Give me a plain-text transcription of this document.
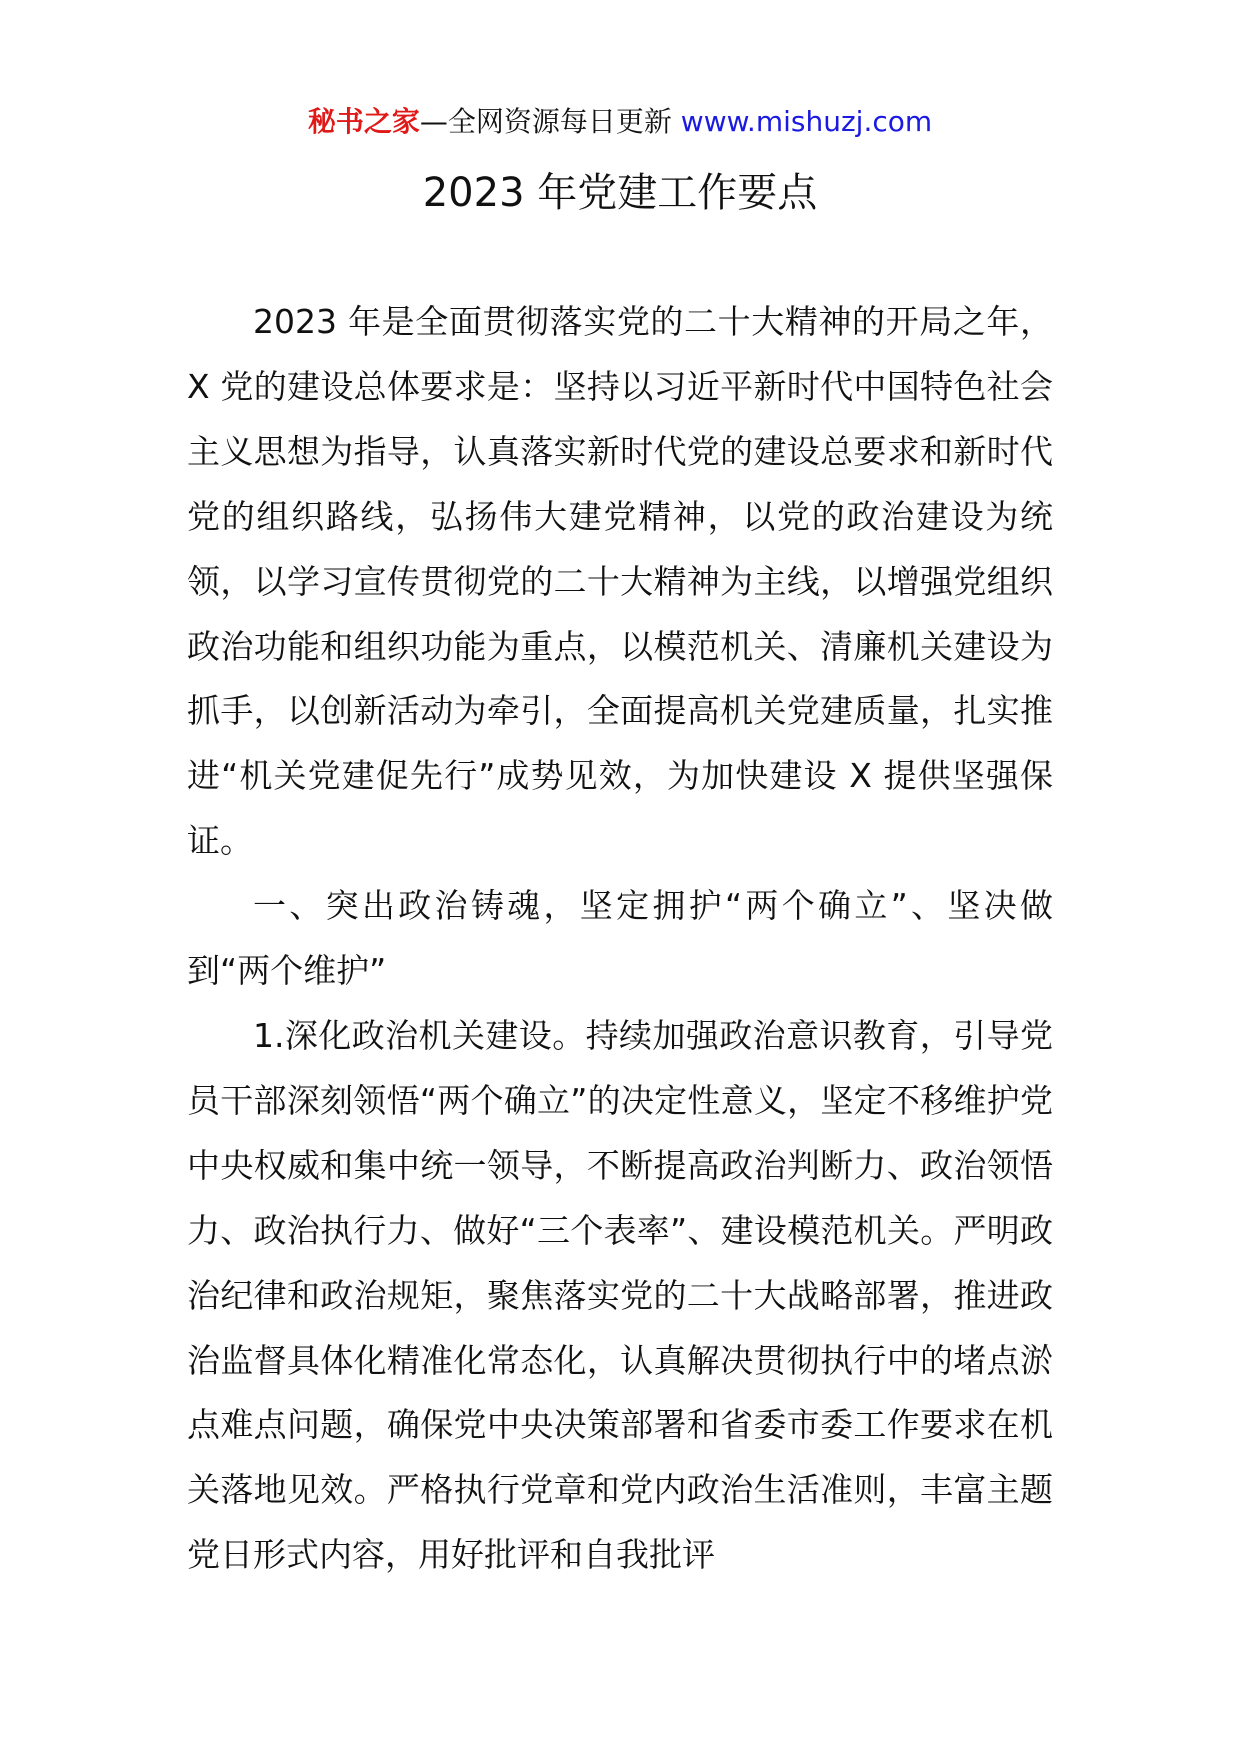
秘书之家—全网资源每日更新 www.mishuzj.com
2023 年党建工作要点

2023 年是全面贯彻落实党的二十大精神的开局之年，X 党的建设总体要求是：坚持以习近平新时代中国特色社会主义思想为指导，认真落实新时代党的建设总要求和新时代党的组织路线，弘扬伟大建党精神，以党的政治建设为统领，以学习宣传贯彻党的二十大精神为主线，以增强党组织政治功能和组织功能为重点，以模范机关、清廉机关建设为抓手，以创新活动为牵引，全面提高机关党建质量，扎实推进“机关党建促先行”成势见效，为加快建设 X 提供坚强保证。

一、突出政治铸魂，坚定拥护“两个确立”、坚决做到“两个维护”

1.深化政治机关建设。持续加强政治意识教育，引导党员干部深刻领悟“两个确立”的决定性意义，坚定不移维护党中央权威和集中统一领导，不断提高政治判断力、政治领悟力、政治执行力、做好“三个表率”、建设模范机关。严明政治纪律和政治规矩，聚焦落实党的二十大战略部署，推进政治监督具体化精准化常态化，认真解决贯彻执行中的堵点淤点难点问题，确保党中央决策部署和省委市委工作要求在机关落地见效。严格执行党章和党内政治生活准则，丰富主题党日形式内容，用好批评和自我批评
